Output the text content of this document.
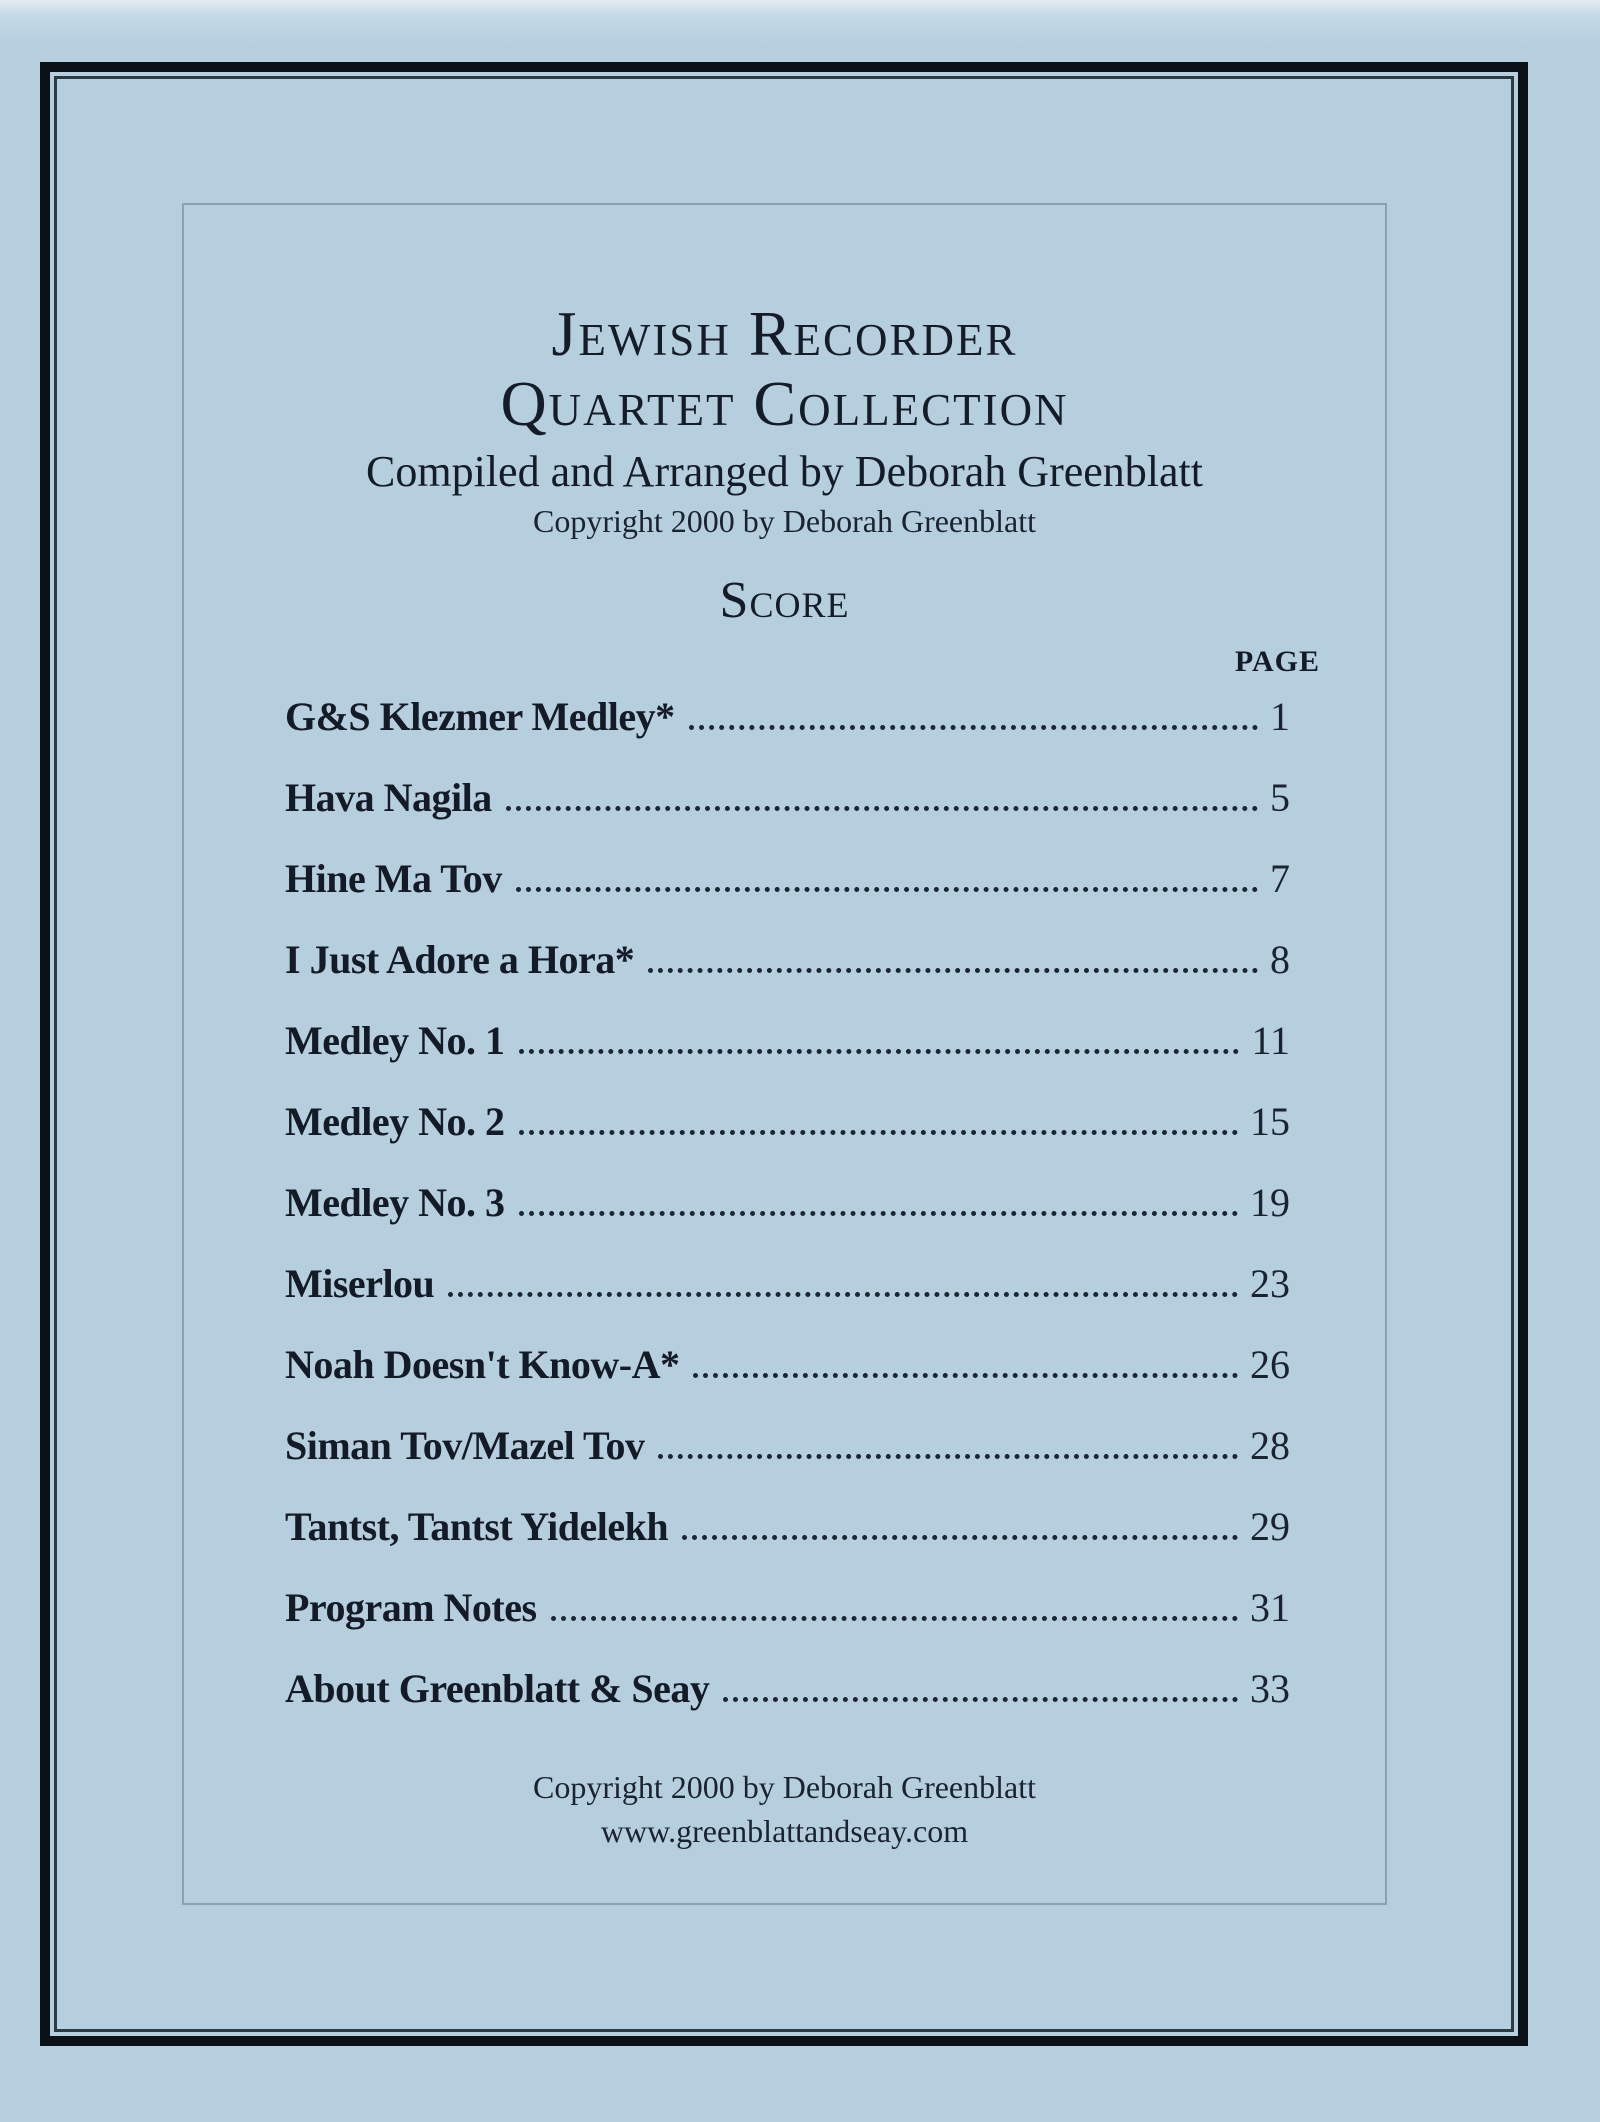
Jewish Recorder
Quartet Collection
Compiled and Arranged by Deborah Greenblatt
Copyright 2000 by Deborah Greenblatt
Score
PAGE
G&S Klezmer Medley*	1
Hava Nagila	5
Hine Ma Tov	7
I Just Adore a Hora*	8
Medley No. 1	11
Medley No. 2	15
Medley No. 3	19
Miserlou	23
Noah Doesn't Know-A*	26
Siman Tov/Mazel Tov	28
Tantst, Tantst Yidelekh	29
Program Notes	31
About Greenblatt & Seay	33
Copyright 2000 by Deborah Greenblatt
www.greenblattandseay.com
